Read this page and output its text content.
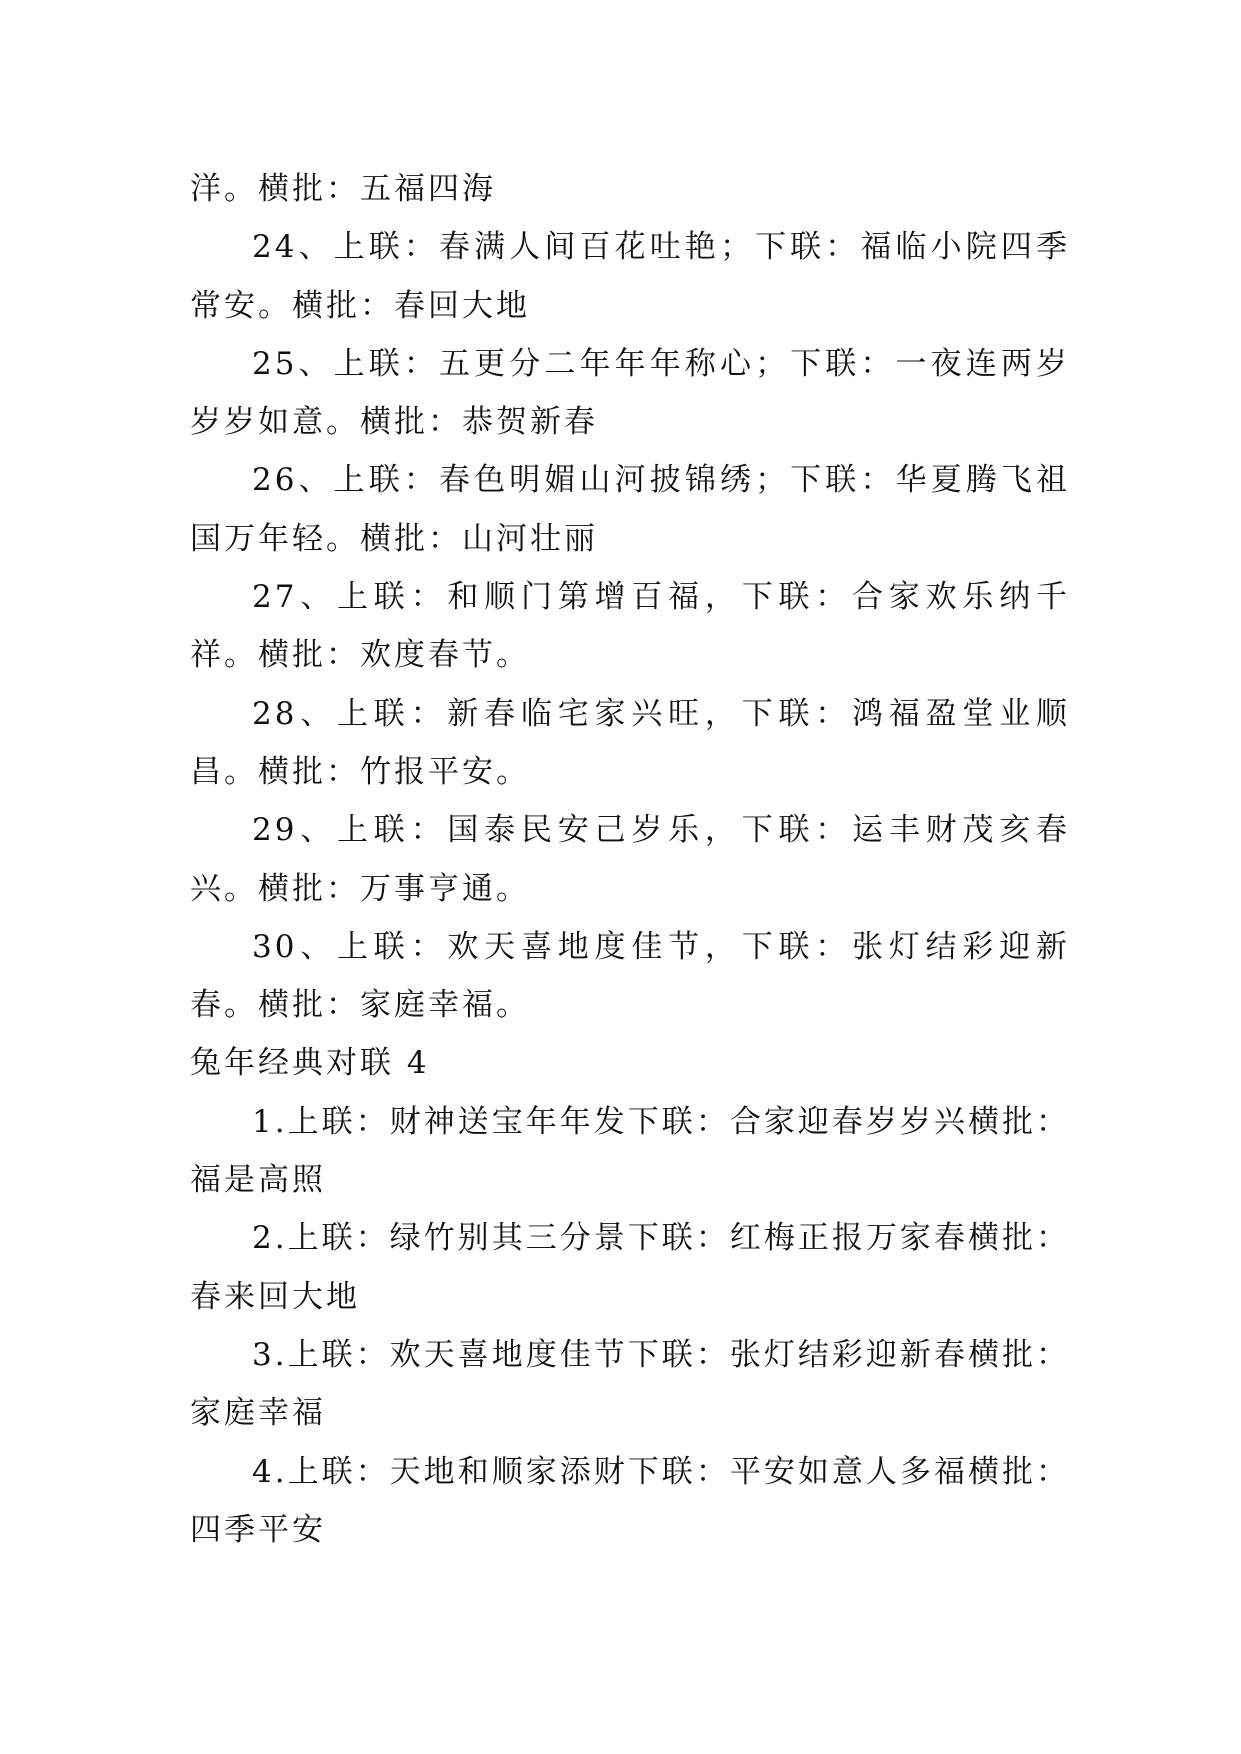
洋。横批：五福四海

24、上联：春满人间百花吐艳；下联：福临小院四季常安。横批：春回大地

25、上联：五更分二年年年称心；下联：一夜连两岁岁岁如意。横批：恭贺新春

26、上联：春色明媚山河披锦绣；下联：华夏腾飞祖国万年轻。横批：山河壮丽

27、上联：和顺门第增百福，下联：合家欢乐纳千祥。横批：欢度春节。

28、上联：新春临宅家兴旺，下联：鸿福盈堂业顺昌。横批：竹报平安。

29、上联：国泰民安己岁乐，下联：运丰财茂亥春兴。横批：万事亨通。

30、上联：欢天喜地度佳节，下联：张灯结彩迎新春。横批：家庭幸福。

兔年经典对联 4

1.上联：财神送宝年年发下联：合家迎春岁岁兴横批：福是高照

2.上联：绿竹别其三分景下联：红梅正报万家春横批：春来回大地

3.上联：欢天喜地度佳节下联：张灯结彩迎新春横批：家庭幸福

4.上联：天地和顺家添财下联：平安如意人多福横批：四季平安
